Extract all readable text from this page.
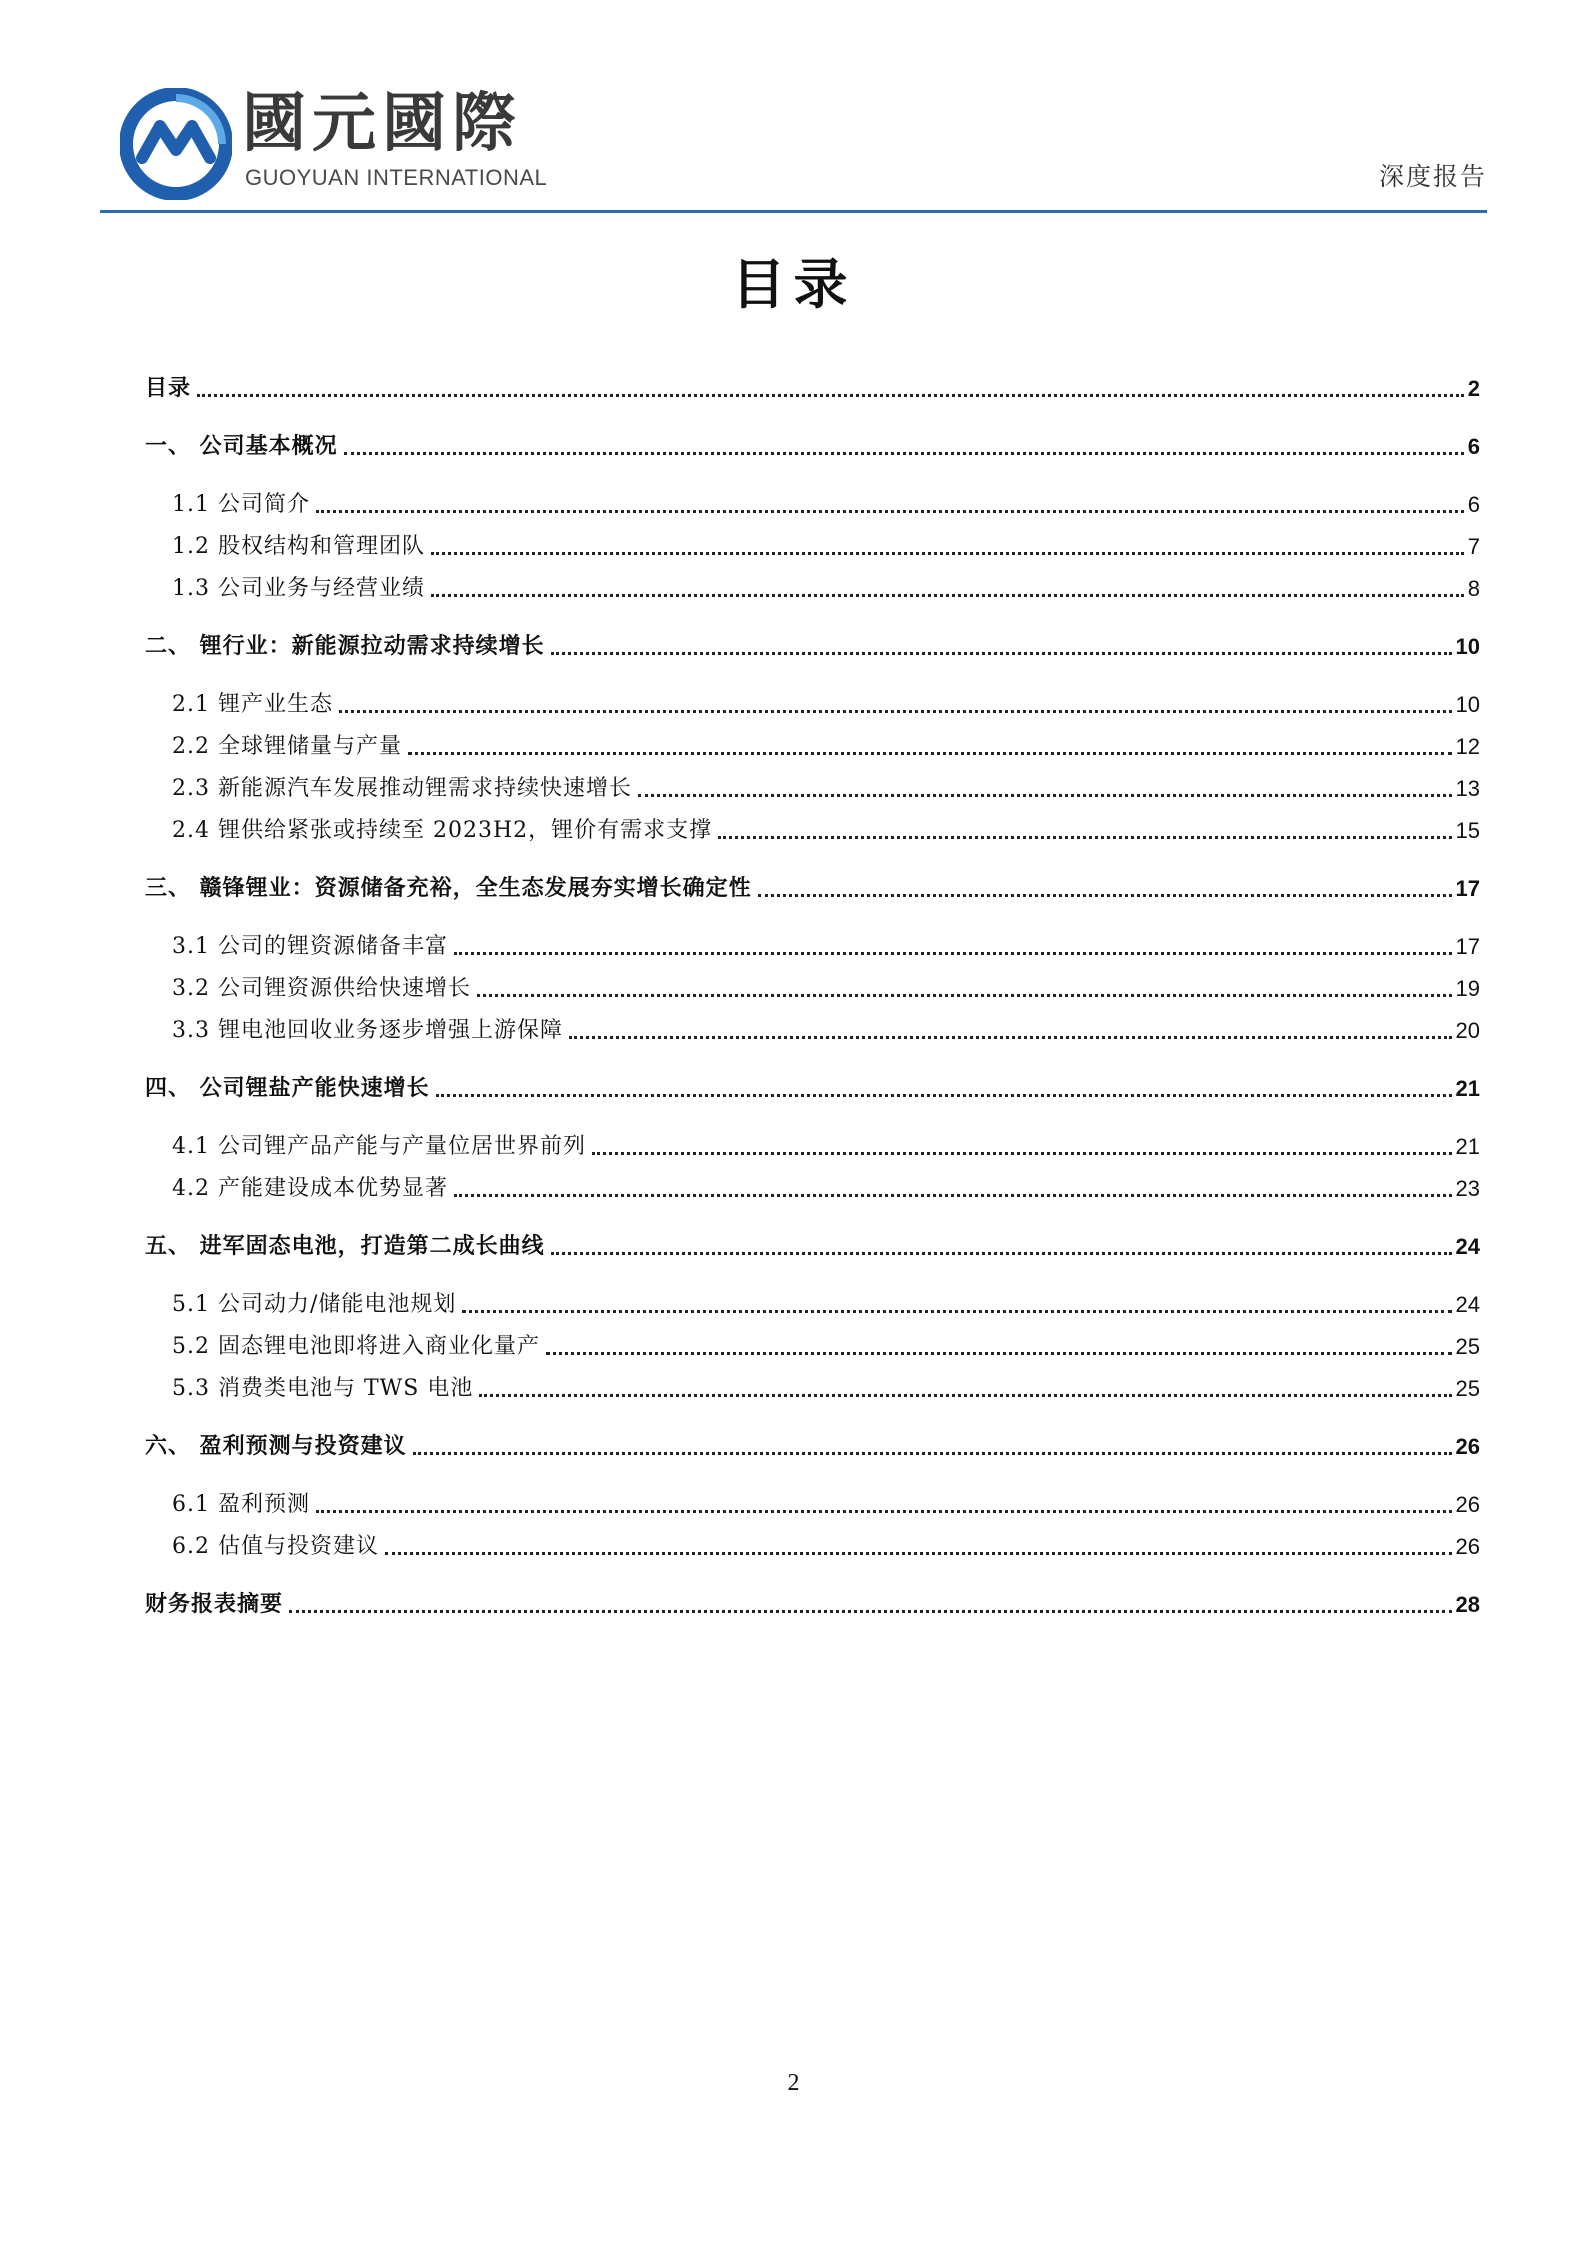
國元國際
GUOYUAN INTERNATIONAL	深度报告
目录
目录	2
一、 公司基本概况	6
1.1 公司简介	6
1.2 股权结构和管理团队	7
1.3 公司业务与经营业绩	8
二、 锂行业：新能源拉动需求持续增长	10
2.1 锂产业生态	10
2.2 全球锂储量与产量	12
2.3 新能源汽车发展推动锂需求持续快速增长	13
2.4 锂供给紧张或持续至 2023H2，锂价有需求支撑	15
三、 赣锋锂业：资源储备充裕，全生态发展夯实增长确定性	17
3.1 公司的锂资源储备丰富	17
3.2 公司锂资源供给快速增长	19
3.3 锂电池回收业务逐步增强上游保障	20
四、 公司锂盐产能快速增长	21
4.1 公司锂产品产能与产量位居世界前列	21
4.2 产能建设成本优势显著	23
五、 进军固态电池，打造第二成长曲线	24
5.1 公司动力/储能电池规划	24
5.2 固态锂电池即将进入商业化量产	25
5.3 消费类电池与 TWS 电池	25
六、 盈利预测与投资建议	26
6.1 盈利预测	26
6.2 估值与投资建议	26
财务报表摘要	28
2
